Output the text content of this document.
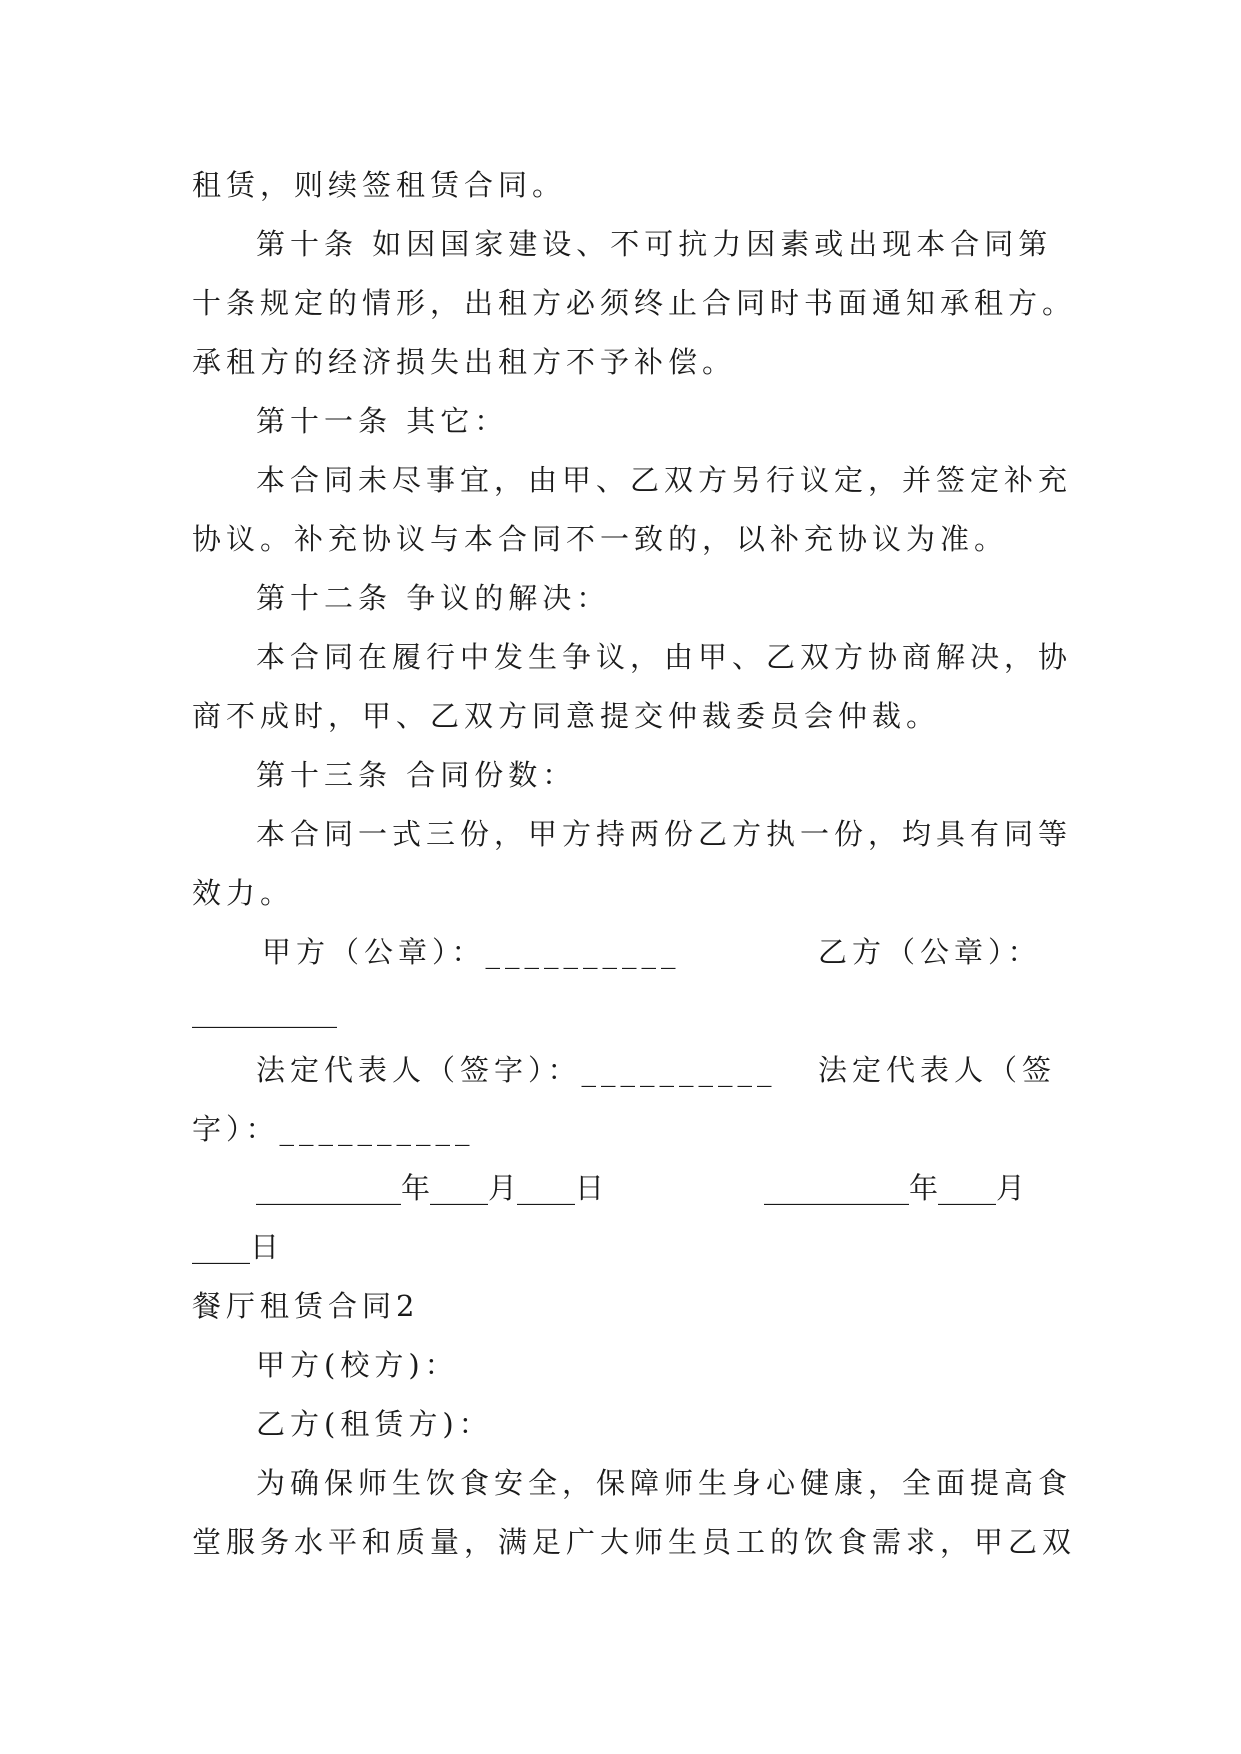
租赁，则续签租赁合同。
第十条 如因国家建设、不可抗力因素或出现本合同第
十条规定的情形，出租方必须终止合同时书面通知承租方。
承租方的经济损失出租方不予补偿。
第十一条 其它：
本合同未尽事宜，由甲、乙双方另行议定，并签定补充
协议。补充协议与本合同不一致的，以补充协议为准。
第十二条 争议的解决：
本合同在履行中发生争议，由甲、乙双方协商解决，协
商不成时，甲、乙双方同意提交仲裁委员会仲裁。
第十三条 合同份数：
本合同一式三份，甲方持两份乙方执一份，均具有同等
效力。
甲方（公章）：__________	乙方（公章）：
__________
法定代表人（签字）：__________ 法定代表人（签
字）：__________
__________年____月____日	__________年____月
____日
餐厅租赁合同2
甲方(校方)：
乙方(租赁方)：
为确保师生饮食安全，保障师生身心健康，全面提高食
堂服务水平和质量，满足广大师生员工的饮食需求，甲乙双
